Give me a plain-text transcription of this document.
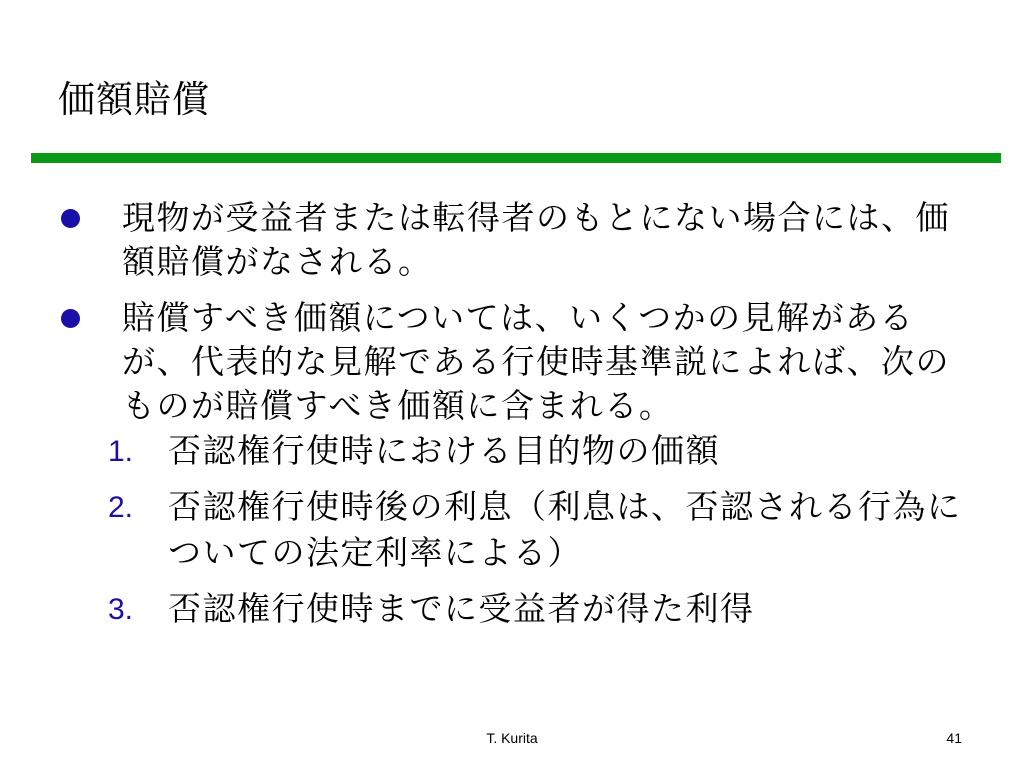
価額賠償
現物が受益者または転得者のもとにない場合には、価額賠償がなされる。
賠償すべき価額については、いくつかの見解があるが、代表的な見解である行使時基準説によれば、次のものが賠償すべき価額に含まれる。
1. 否認権行使時における目的物の価額
2. 否認権行使時後の利息（利息は、否認される行為についての法定利率による）
3. 否認権行使時までに受益者が得た利得
T. Kurita	41
